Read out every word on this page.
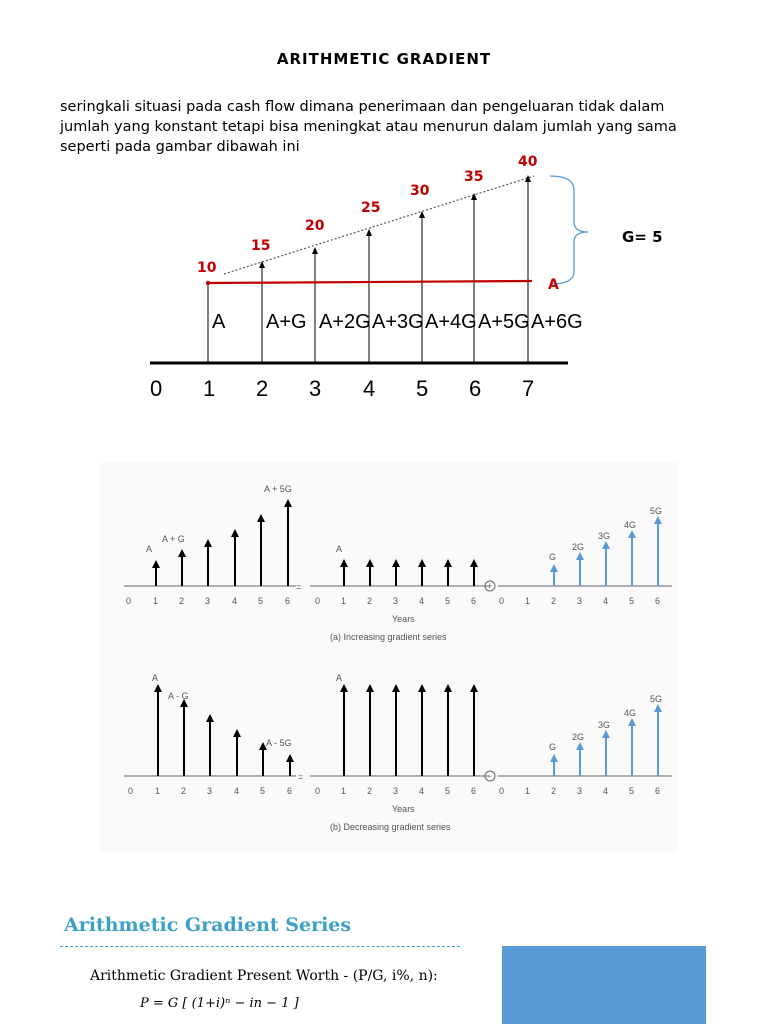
ARITHMETIC GRADIENT
seringkali situasi pada cash flow dimana penerimaan dan pengeluaran tidak dalam
jumlah yang konstant tetapi bisa meningkat atau menurun dalam jumlah yang sama
seperti pada gambar dibawah ini
G= 5
A
10
15
20
25
30
35
40
A A+G A+2G A+3G A+4G A+5G A+6G
0 1 2 3 4 5 6 7
A
A + G
A + 5G
=
A
+
G
2G
3G
4G
5G
0 1 2 3 4 5 6	0 1 2 3 4 5 6	0 1 2 3 4 5 6
Years
(a) Increasing gradient series
A
A - G
A - 5G
=
A
-
G
2G
3G
4G
5G
0 1 2 3 4 5 6	0 1 2 3 4 5 6	0 1 2 3 4 5 6
Years
(b) Decreasing gradient series
Arithmetic Gradient Series
Arithmetic Gradient Present Worth - (P/G, i%, n):
P = G [ (1+i)ⁿ − in − 1 ]
